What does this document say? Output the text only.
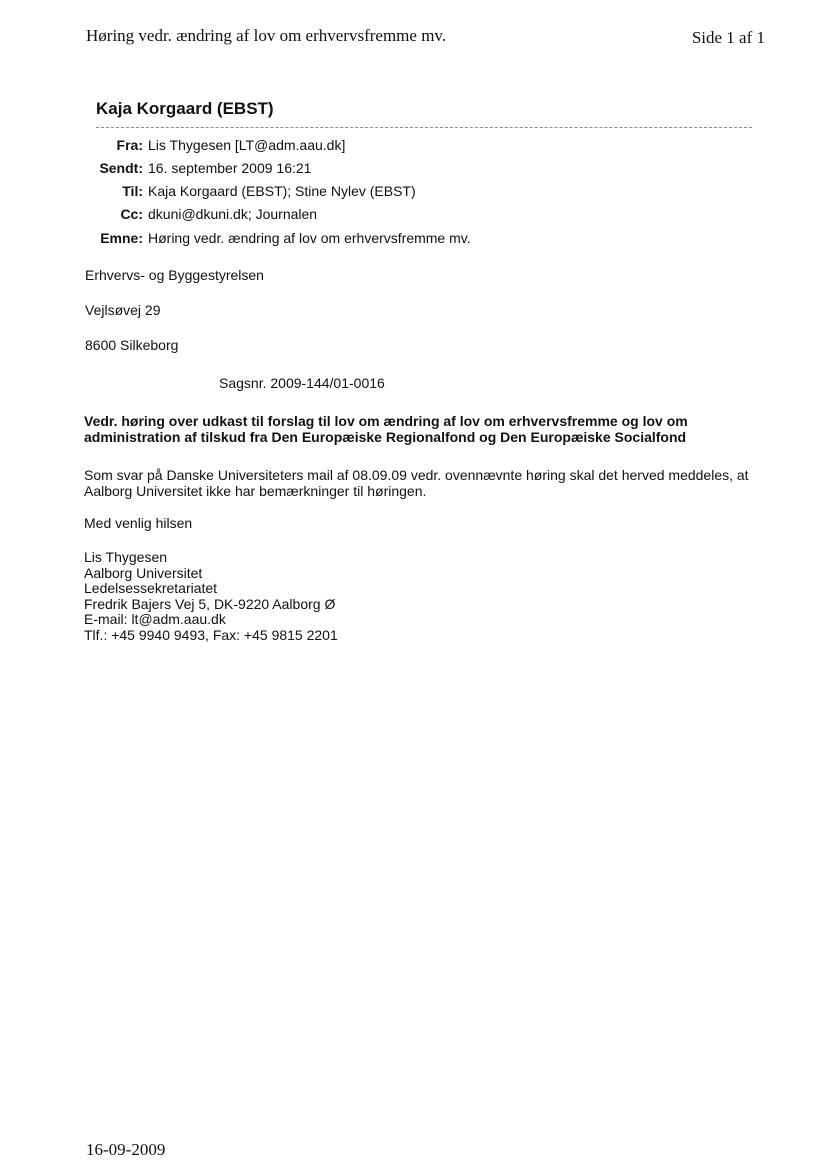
Høring vedr. ændring af lov om erhvervsfremme mv.	Side 1 af 1
Kaja Korgaard (EBST)
Fra: Lis Thygesen [LT@adm.aau.dk]
Sendt: 16. september 2009 16:21
Til: Kaja Korgaard (EBST); Stine Nylev (EBST)
Cc: dkuni@dkuni.dk; Journalen
Emne: Høring vedr. ændring af lov om erhvervsfremme mv.
Erhvervs- og Byggestyrelsen
Vejlsøvej 29
8600 Silkeborg
Sagsnr. 2009-144/01-0016
Vedr. høring over udkast til forslag til lov om ændring af lov om erhvervsfremme og lov om administration af tilskud fra Den Europæiske Regionalfond og Den Europæiske Socialfond
Som svar på Danske Universiteters mail af 08.09.09 vedr. ovennævnte høring skal det herved meddeles, at Aalborg Universitet ikke har bemærkninger til høringen.
Med venlig hilsen
Lis Thygesen
Aalborg Universitet
Ledelsessekretariatet
Fredrik Bajers Vej 5, DK-9220 Aalborg Ø
E-mail: lt@adm.aau.dk
Tlf.: +45 9940 9493, Fax: +45 9815 2201
16-09-2009
